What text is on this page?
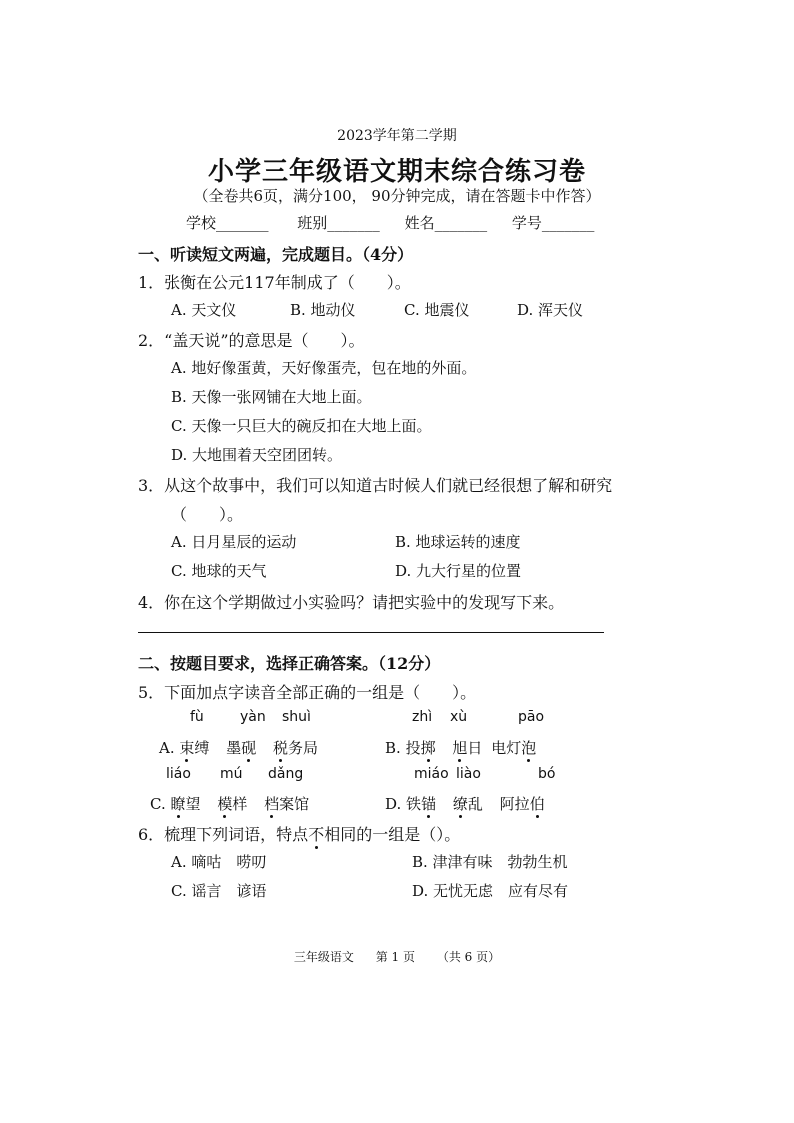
2023学年第二学期
小学三年级语文期末综合练习卷
（全卷共6页，满分100， 90分钟完成，请在答题卡中作答）
学校_______ 班别_______ 姓名_______ 学号_______
一、听读短文两遍，完成题目。（4分）
1．张衡在公元117年制成了（　　）。
A. 天文仪	B. 地动仪	C. 地震仪	D. 浑天仪
2．“盖天说”的意思是（　　）。
A. 地好像蛋黄，天好像蛋壳，包在地的外面。
B. 天像一张网铺在大地上面。
C. 天像一只巨大的碗反扣在大地上面。
D. 大地围着天空团团转。
3．从这个故事中，我们可以知道古时候人们就已经很想了解和研究
（　　）。
A. 日月星辰的运动	B. 地球运转的速度
C. 地球的天气	D. 九大行星的位置
4．你在这个学期做过小实验吗？请把实验中的发现写下来。
二、按题目要求，选择正确答案。（12分）
5．下面加点字读音全部正确的一组是（　　）。
fù	yàn shuì	zhì xù	pāo
A. 束缚 墨砚 税务局	B. 投掷 旭日 电灯泡
liáo mú dǎng	miáo liào	bó
C. 瞭望 模样 档案馆	D. 铁锚 缭乱 阿拉伯
6．梳理下列词语，特点不相同的一组是（）。
A. 嘀咕　唠叨	B. 津津有味　勃勃生机
C. 谣言　谚语	D. 无忧无虑　应有尽有
三年级语文 第 1 页 （共 6 页）
